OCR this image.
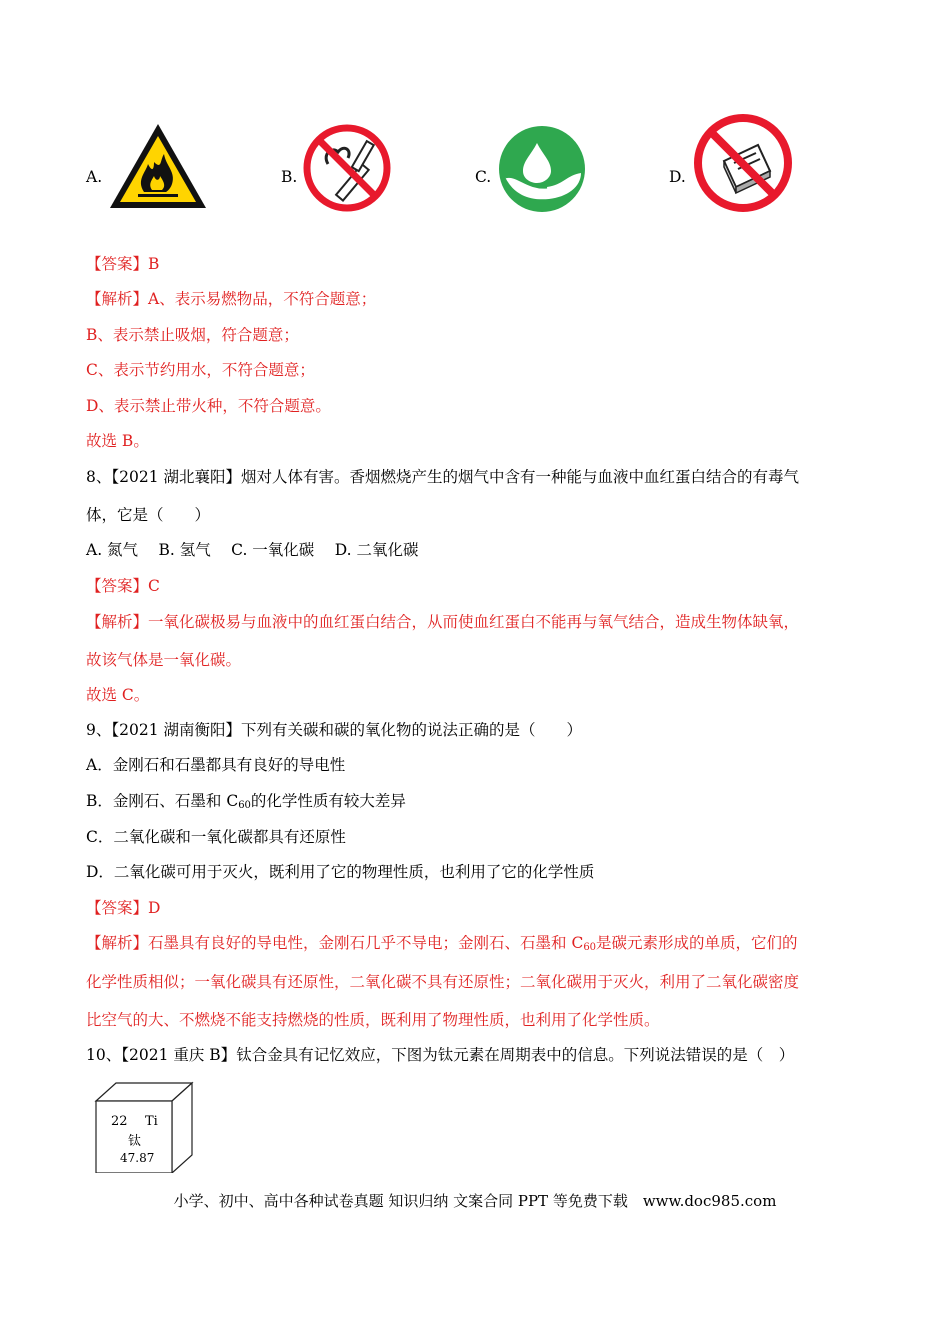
A.	B.	C.	D.
【答案】B
【解析】A、表示易燃物品，不符合题意；
B、表示禁止吸烟，符合题意；
C、表示节约用水，不符合题意；
D、表示禁止带火种，不符合题意。
故选 B。
8、【2021 湖北襄阳】烟对人体有害。香烟燃烧产生的烟气中含有一种能与血液中血红蛋白结合的有毒气
体，它是（　　）
A. 氮气　 B. 氢气　 C. 一氧化碳　 D. 二氧化碳
【答案】C
【解析】一氧化碳极易与血液中的血红蛋白结合，从而使血红蛋白不能再与氧气结合，造成生物体缺氧，
故该气体是一氧化碳。
故选 C。
9、【2021 湖南衡阳】下列有关碳和碳的氧化物的说法正确的是（　　）
A．金刚石和石墨都具有良好的导电性
B．金刚石、石墨和 $C_{60}$的化学性质有较大差异
C．二氧化碳和一氧化碳都具有还原性
D．二氧化碳可用于灭火，既利用了它的物理性质，也利用了它的化学性质
【答案】D
【解析】石墨具有良好的导电性，金刚石几乎不导电；金刚石、石墨和 $C_{60}$是碳元素形成的单质，它们的
化学性质相似；一氧化碳具有还原性，二氧化碳不具有还原性；二氧化碳用于灭火，利用了二氧化碳密度
比空气的大、不燃烧不能支持燃烧的性质，既利用了物理性质，也利用了化学性质。
10、【2021 重庆 B】钛合金具有记忆效应，下图为钛元素在周期表中的信息。下列说法错误的是（　）
22 Ti
钛
47.87
小学、初中、高中各种试卷真题 知识归纳 文案合同 PPT 等免费下载　www.doc985.com
